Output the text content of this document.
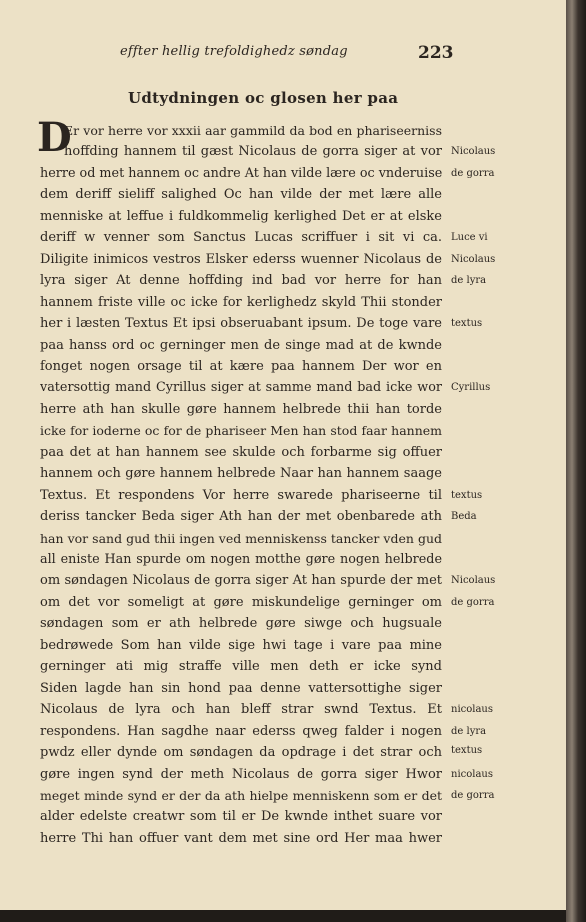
effter hellig trefoldighedz søndag	223
Udtydningen oc glosen her paa
D
Er vor herre vor xxxii aar gammild da bod en phariseerniss
hoffding hannem til gæst Nicolaus de gorra siger at vor
herre od met hannem oc andre At han vilde lære oc vnderuise
dem deriff sieliff salighed Oc han vilde der met lære alle
menniske at leffue i fuldkommelig kerlighed Det er at elske
deriff w venner som Sanctus Lucas scriffuer i sit vi ca.
Diligite inimicos vestros Elsker ederss wuenner Nicolaus de
lyra siger At denne hoffding ind bad vor herre for han
hannem friste ville oc icke for kerlighedz skyld Thii stonder
her i læsten Textus Et ipsi obseruabant ipsum. De toge vare
paa hanss ord oc gerninger men de singe mad at de kwnde
fonget nogen orsage til at kære paa hannem Der wor en
vatersottig mand Cyrillus siger at samme mand bad icke wor
herre ath han skulle gøre hannem helbrede thii han torde
icke for ioderne oc for de phariseer Men han stod faar hannem
paa det at han hannem see skulde och forbarme sig offuer
hannem och gøre hannem helbrede Naar han hannem saage
Textus. Et respondens Vor herre swarede phariseerne til
deriss tancker Beda siger Ath han der met obenbarede ath
han vor sand gud thii ingen ved menniskenss tancker vden gud
all eniste Han spurde om nogen motthe gøre nogen helbrede
om søndagen Nicolaus de gorra siger At han spurde der met
om det vor someligt at gøre miskundelige gerninger om
søndagen som er ath helbrede gøre siwge och hugsuale
bedrøwede Som han vilde sige hwi tage i vare paa mine
gerninger ati mig straffe ville men deth er icke synd
Siden lagde han sin hond paa denne vattersottighe siger
Nicolaus de lyra och han bleff strar swnd Textus. Et
respondens. Han sagdhe naar ederss qweg falder i nogen
pwdz eller dynde om søndagen da opdrage i det strar och
gøre ingen synd der meth Nicolaus de gorra siger Hwor
meget minde synd er der da ath hielpe menniskenn som er det
alder edelste creatwr som til er De kwnde inthet suare vor
herre Thi han offuer vant dem met sine ord Her maa hwer
Nicolaus
de gorra
Luce vi
Nicolaus
de lyra
textus
Cyrillus
textus
Beda
Nicolaus
de gorra
nicolaus
de lyra
textus
nicolaus
de gorra
